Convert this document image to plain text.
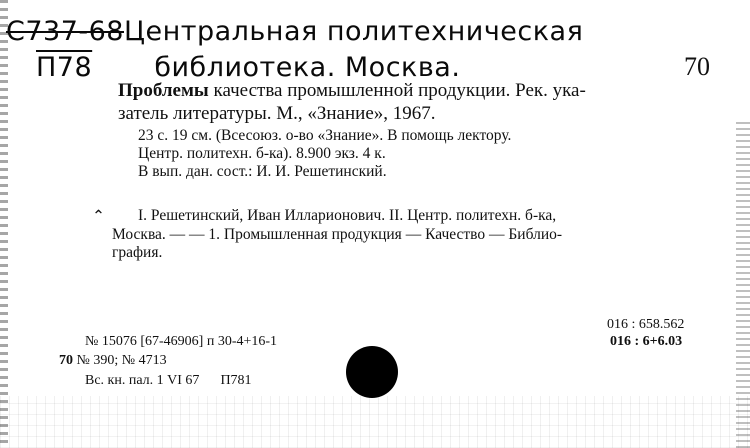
C737-68Центральная политехническая
П78 библиотека. Москва.	70
Проблемы качества промышленной продукции. Рек. ука-
затель литературы. М., «Знание», 1967.
23 с. 19 см. (Всесоюз. о-во «Знание». В помощь лектору.
Центр. политехн. б-ка). 8.900 экз. 4 к.
В вып. дан. сост.: И. И. Решетинский.
⌃ I. Решетинский, Иван Илларионович. II. Центр. политехн. б-ка,
Москва. — — 1. Промышленная продукция — Качество — Библио-
графия.
016 : 658.562
016 : 6+6.03
№ 15076 [67-46906] п 30-4+16-1
70 № 390; № 4713
Вс. кн. пал. 1 VI 67 П781
